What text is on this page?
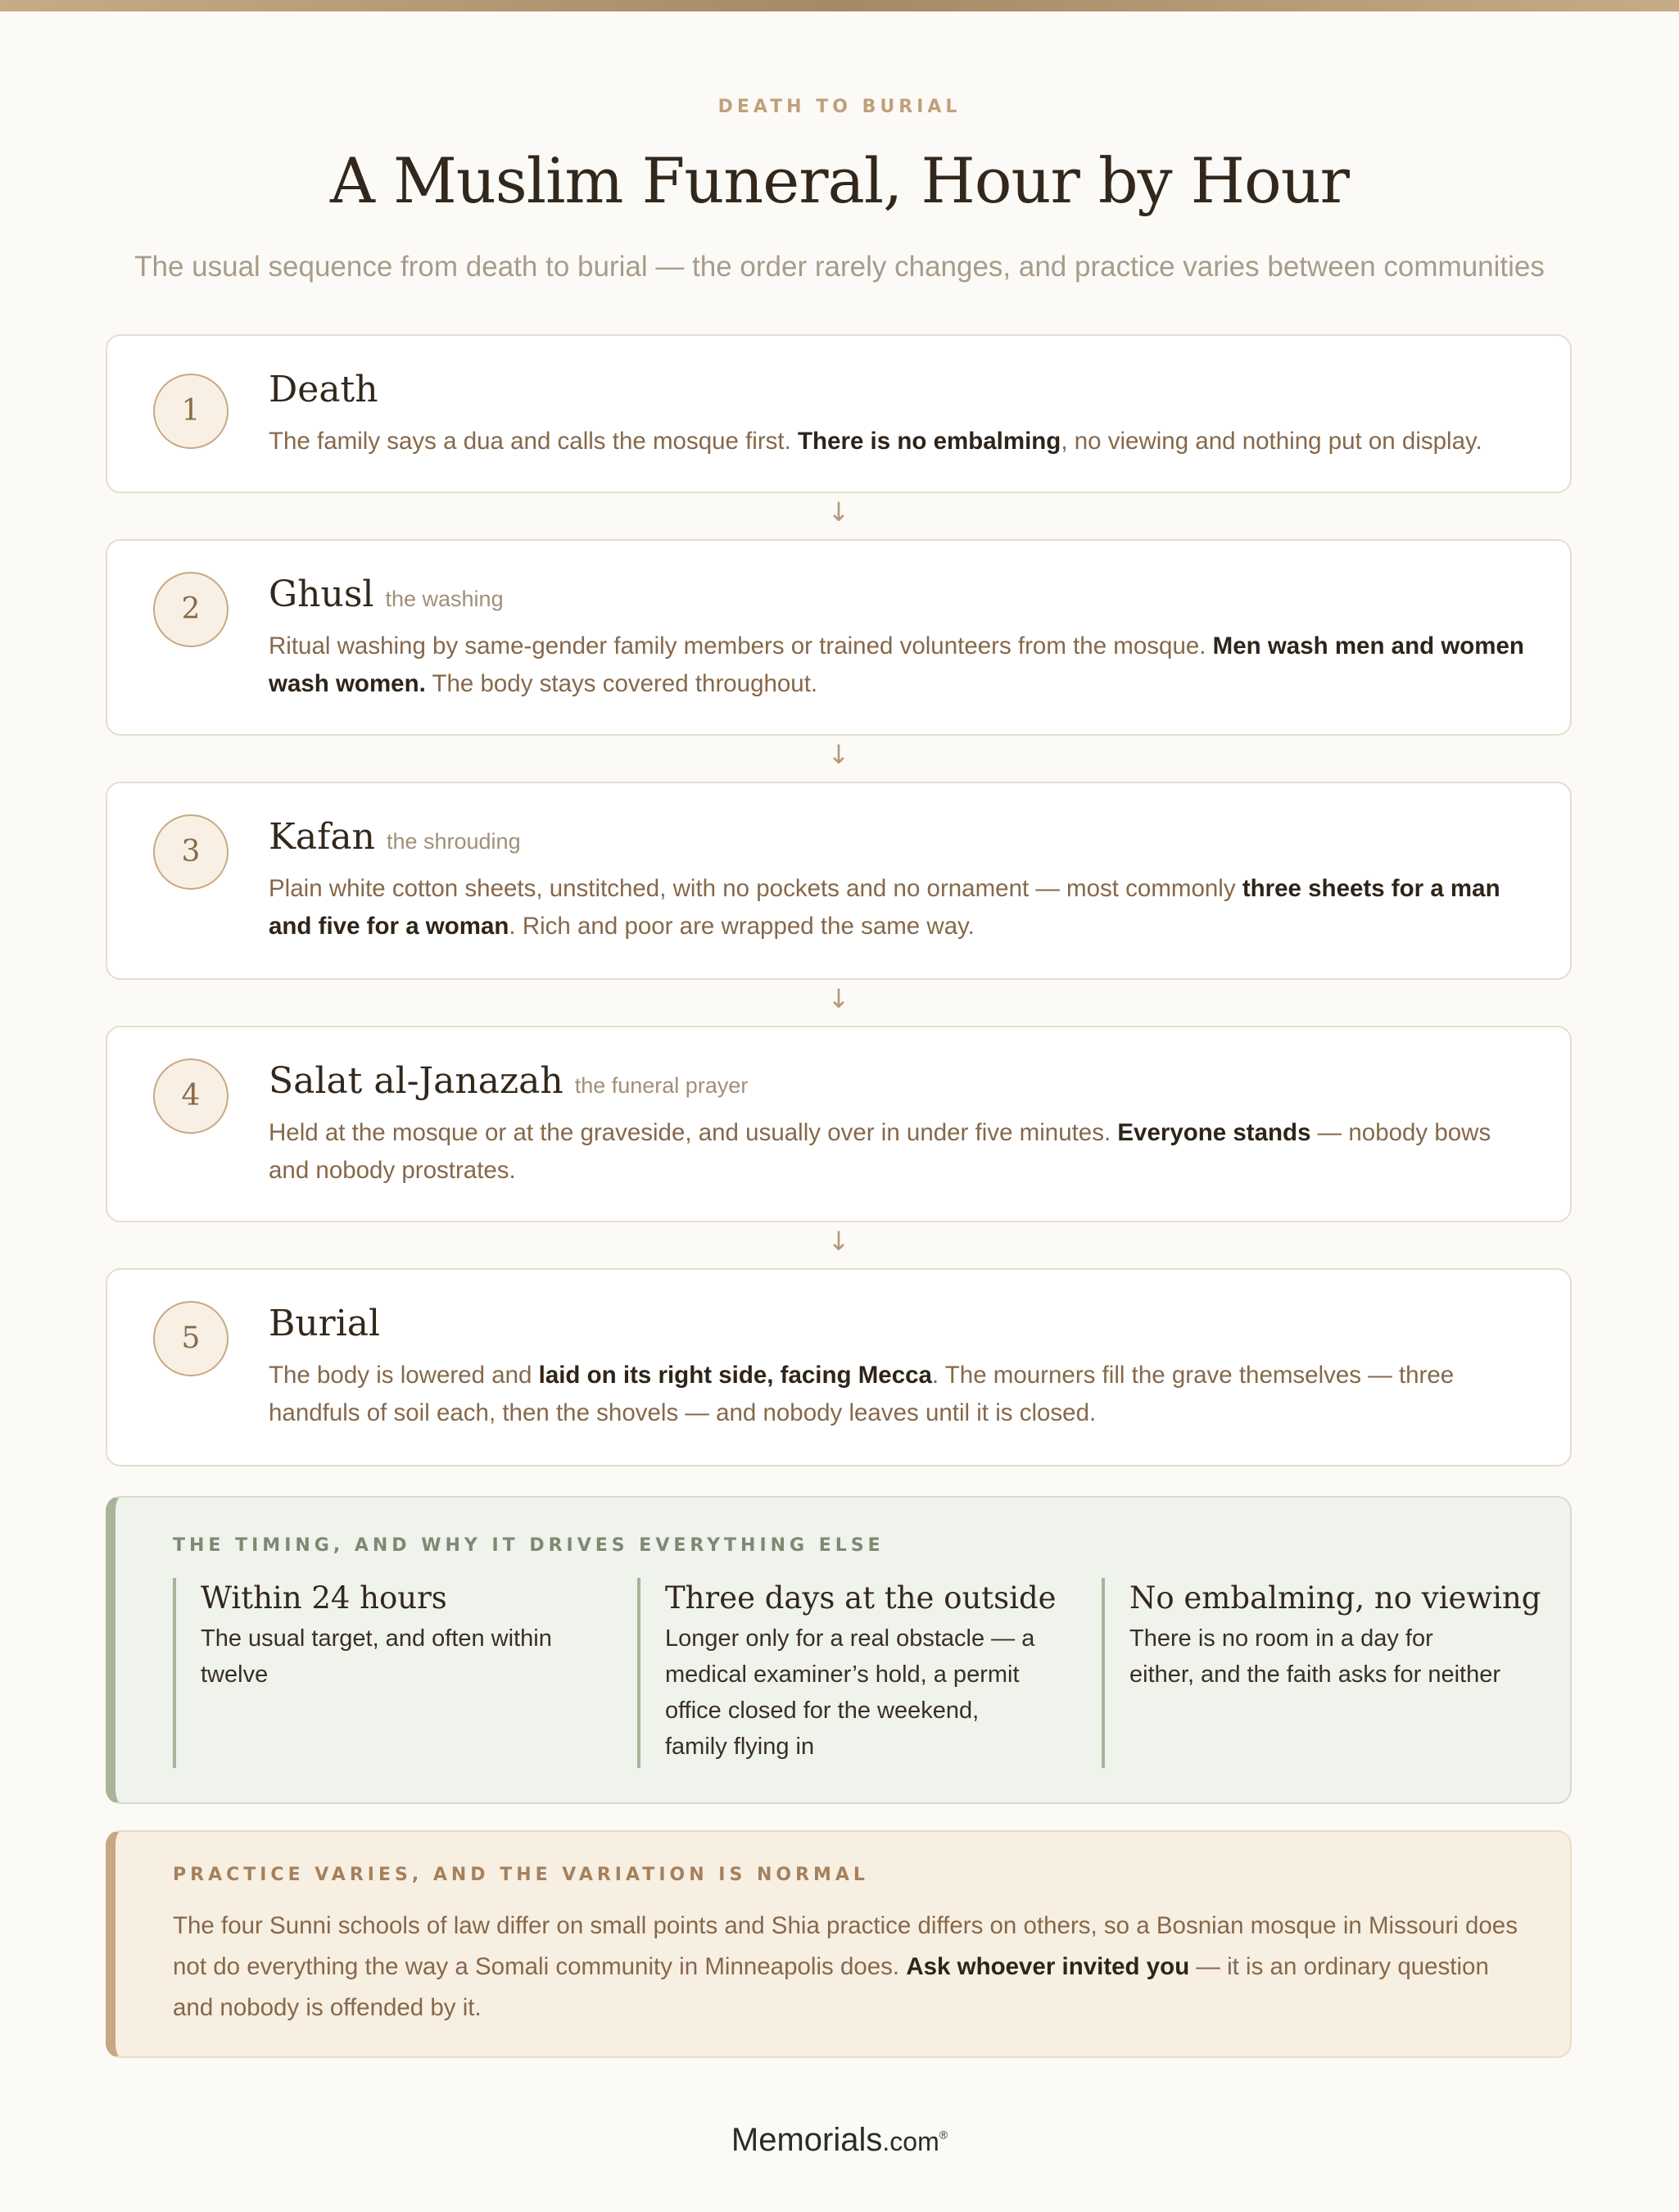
DEATH TO BURIAL
A Muslim Funeral, Hour by Hour
The usual sequence from death to burial — the order rarely changes, and practice varies between communities
1
Death
The family says a dua and calls the mosque first. There is no embalming, no viewing and nothing put on display.
↓
2	Ghusl the washing
Ritual washing by same-gender family members or trained volunteers from the mosque. Men wash men and women wash women. The body stays covered throughout.
↓
3	Kafan the shrouding
Plain white cotton sheets, unstitched, with no pockets and no ornament — most commonly three sheets for a man and five for a woman. Rich and poor are wrapped the same way.
↓
4	Salat al-Janazah the funeral prayer
Held at the mosque or at the graveside, and usually over in under five minutes. Everyone stands — nobody bows and nobody prostrates.
↓
5	Burial
The body is lowered and laid on its right side, facing Mecca. The mourners fill the grave themselves — three handfuls of soil each, then the shovels — and nobody leaves until it is closed.
THE TIMING, AND WHY IT DRIVES EVERYTHING ELSE
Within 24 hours
The usual target, and often within twelve
Three days at the outside
Longer only for a real obstacle — a medical examiner’s hold, a permit office closed for the weekend, family flying in
No embalming, no viewing
There is no room in a day for either, and the faith asks for neither
PRACTICE VARIES, AND THE VARIATION IS NORMAL
The four Sunni schools of law differ on small points and Shia practice differs on others, so a Bosnian mosque in Missouri does not do everything the way a Somali community in Minneapolis does. Ask whoever invited you — it is an ordinary question and nobody is offended by it.
Memorials.com®
